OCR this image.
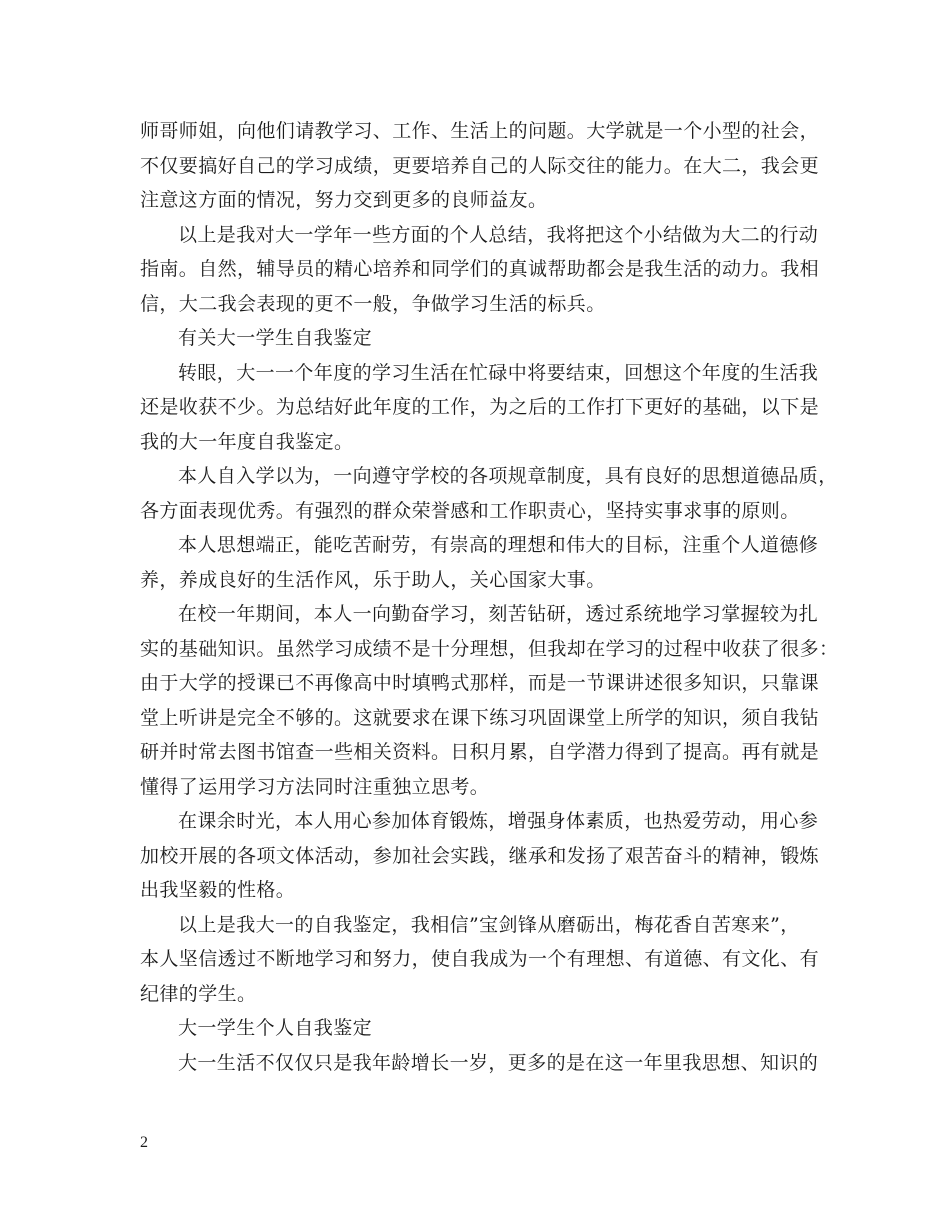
师哥师姐，向他们请教学习、工作、生活上的问题。大学就是一个小型的社会，
不仅要搞好自己的学习成绩，更要培养自己的人际交往的能力。在大二，我会更
注意这方面的情况，努力交到更多的良师益友。
以上是我对大一学年一些方面的个人总结，我将把这个小结做为大二的行动
指南。自然，辅导员的精心培养和同学们的真诚帮助都会是我生活的动力。我相
信，大二我会表现的更不一般，争做学习生活的标兵。
有关大一学生自我鉴定
转眼，大一一个年度的学习生活在忙碌中将要结束，回想这个年度的生活我
还是收获不少。为总结好此年度的工作，为之后的工作打下更好的基础，以下是
我的大一年度自我鉴定。
本人自入学以为，一向遵守学校的各项规章制度，具有良好的思想道德品质，
各方面表现优秀。有强烈的群众荣誉感和工作职责心，坚持实事求事的原则。
本人思想端正，能吃苦耐劳，有崇高的理想和伟大的目标，注重个人道德修
养，养成良好的生活作风，乐于助人，关心国家大事。
在校一年期间，本人一向勤奋学习，刻苦钻研，透过系统地学习掌握较为扎
实的基础知识。虽然学习成绩不是十分理想，但我却在学习的过程中收获了很多：
由于大学的授课已不再像高中时填鸭式那样，而是一节课讲述很多知识，只靠课
堂上听讲是完全不够的。这就要求在课下练习巩固课堂上所学的知识，须自我钻
研并时常去图书馆查一些相关资料。日积月累，自学潜力得到了提高。再有就是
懂得了运用学习方法同时注重独立思考。
在课余时光，本人用心参加体育锻炼，增强身体素质，也热爱劳动，用心参
加校开展的各项文体活动，参加社会实践，继承和发扬了艰苦奋斗的精神，锻炼
出我坚毅的性格。
以上是我大一的自我鉴定，我相信”宝剑锋从磨砺出，梅花香自苦寒来”，
本人坚信透过不断地学习和努力，使自我成为一个有理想、有道德、有文化、有
纪律的学生。
大一学生个人自我鉴定
大一生活不仅仅只是我年龄增长一岁，更多的是在这一年里我思想、知识的
2
